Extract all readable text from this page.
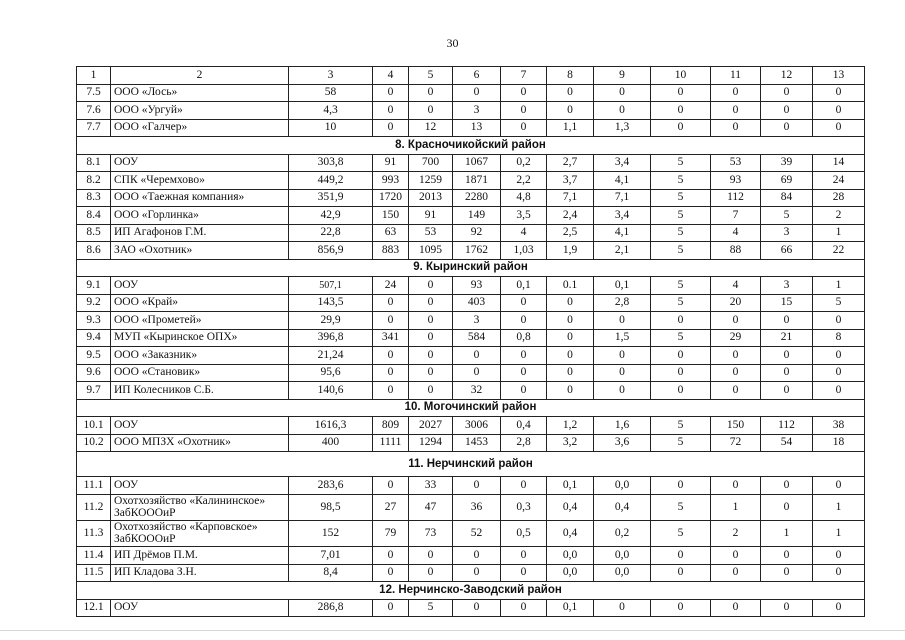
30
1	2	3	4	5	6	7	8	9	10	11	12	13
7.5	ООО «Лось»	58	0	0	0	0	0	0	0	0	0	0
7.6	ООО «Ургуй»	4,3	0	0	3	0	0	0	0	0	0	0
7.7	ООО «Галчер»	10	0	12	13	0	1,1	1,3	0	0	0	0
8. Красночикойский район												
8.1	ООУ	303,8	91	700	1067	0,2	2,7	3,4	5	53	39	14
8.2	СПК «Черемхово»	449,2	993	1259	1871	2,2	3,7	4,1	5	93	69	24
8.3	ООО «Таежная компания»	351,9	1720	2013	2280	4,8	7,1	7,1	5	112	84	28
8.4	ООО «Горлинка»	42,9	150	91	149	3,5	2,4	3,4	5	7	5	2
8.5	ИП Агафонов Г.М.	22,8	63	53	92	4	2,5	4,1	5	4	3	1
8.6	ЗАО «Охотник»	856,9	883	1095	1762	1,03	1,9	2,1	5	88	66	22
9. Кыринский район												
9.1	ООУ	507,1	24	0	93	0,1	0.1	0,1	5	4	3	1
9.2	ООО «Край»	143,5	0	0	403	0	0	2,8	5	20	15	5
9.3	ООО «Прометей»	29,9	0	0	3	0	0	0	0	0	0	0
9.4	МУП «Кыринское ОПХ»	396,8	341	0	584	0,8	0	1,5	5	29	21	8
9.5	ООО «Заказник»	21,24	0	0	0	0	0	0	0	0	0	0
9.6	ООО «Становик»	95,6	0	0	0	0	0	0	0	0	0	0
9.7	ИП Колесников С.Б.	140,6	0	0	32	0	0	0	0	0	0	0
10. Могочинский район												
10.1	ООУ	1616,3	809	2027	3006	0,4	1,2	1,6	5	150	112	38
10.2	ООО МПЗХ «Охотник»	400	1111	1294	1453	2,8	3,2	3,6	5	72	54	18
11. Нерчинский район												
11.1	ООУ	283,6	0	33	0	0	0,1	0,0	0	0	0	0
11.2	Охотхозяйство «Калининское» ЗабКОООиР	98,5	27	47	36	0,3	0,4	0,4	5	1	0	1
11.3	Охотхозяйство «Карповское» ЗабКОООиР	152	79	73	52	0,5	0,4	0,2	5	2	1	1
11.4	ИП Дрёмов П.М.	7,01	0	0	0	0	0,0	0,0	0	0	0	0
11.5	ИП Кладова З.Н.	8,4	0	0	0	0	0,0	0,0	0	0	0	0
12. Нерчинско-Заводский район												
12.1	ООУ	286,8	0	5	0	0	0,1	0	0	0	0	0
